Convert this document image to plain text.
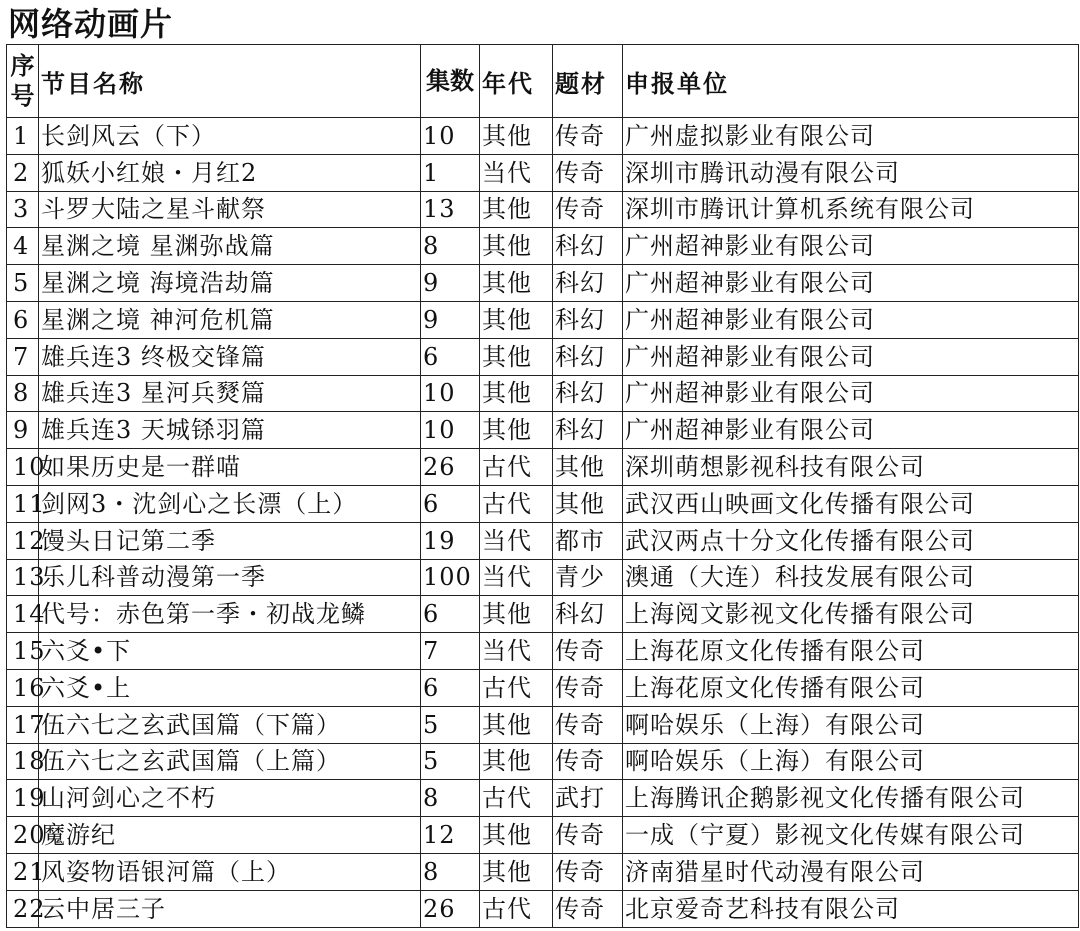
网络动画片
序号	节目名称	集数	年代	题材	申报单位
1	长剑风云（下）	10	其他	传奇	广州虚拟影业有限公司
2	狐妖小红娘・月红2	1	当代	传奇	深圳市腾讯动漫有限公司
3	斗罗大陆之星斗献祭	13	其他	传奇	深圳市腾讯计算机系统有限公司
4	星渊之境 星渊弥战篇	8	其他	科幻	广州超神影业有限公司
5	星渊之境 海境浩劫篇	9	其他	科幻	广州超神影业有限公司
6	星渊之境 神河危机篇	9	其他	科幻	广州超神影业有限公司
7	雄兵连3 终极交锋篇	6	其他	科幻	广州超神影业有限公司
8	雄兵连3 星河兵燹篇	10	其他	科幻	广州超神影业有限公司
9	雄兵连3 天城铩羽篇	10	其他	科幻	广州超神影业有限公司
10	如果历史是一群喵	26	古代	其他	深圳萌想影视科技有限公司
11	剑网3・沈剑心之长漂（上）	6	古代	其他	武汉西山映画文化传播有限公司
12	馒头日记第二季	19	当代	都市	武汉两点十分文化传播有限公司
13	乐儿科普动漫第一季	100	当代	青少	澳通（大连）科技发展有限公司
14	代号：赤色第一季・初战龙鳞	6	其他	科幻	上海阅文影视文化传播有限公司
15	六爻•下	7	当代	传奇	上海花原文化传播有限公司
16	六爻•上	6	古代	传奇	上海花原文化传播有限公司
17	伍六七之玄武国篇（下篇）	5	其他	传奇	啊哈娱乐（上海）有限公司
18	伍六七之玄武国篇（上篇）	5	其他	传奇	啊哈娱乐（上海）有限公司
19	山河剑心之不朽	8	古代	武打	上海腾讯企鹅影视文化传播有限公司
20	魔游纪	12	其他	传奇	一成（宁夏）影视文化传媒有限公司
21	风姿物语银河篇（上）	8	其他	传奇	济南猎星时代动漫有限公司
22	云中居三子	26	古代	传奇	北京爱奇艺科技有限公司
